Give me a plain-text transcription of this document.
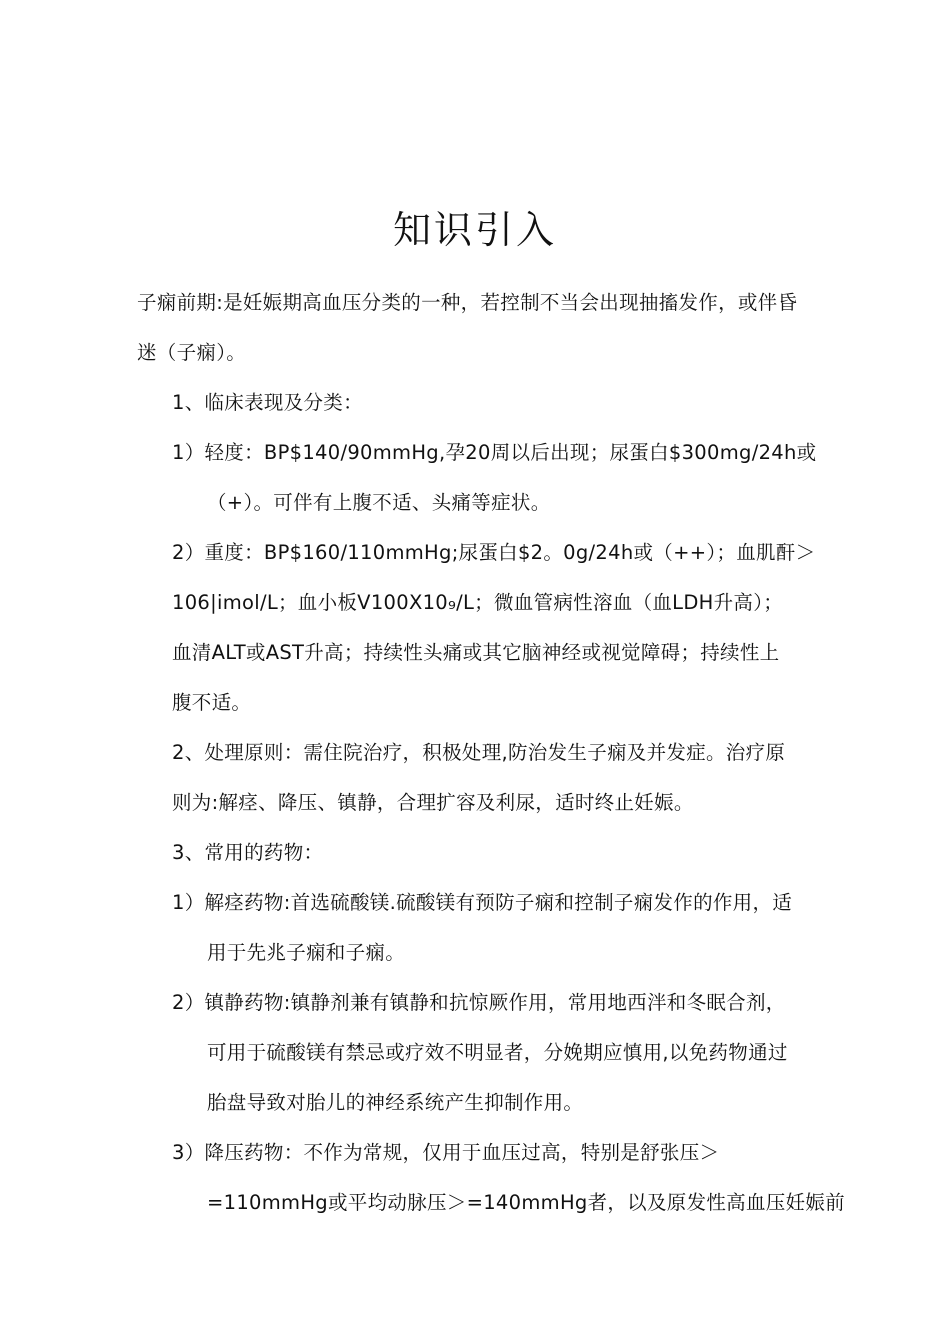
知识引入
子痫前期:是妊娠期高血压分类的一种，若控制不当会出现抽搐发作，或伴昏
迷（子痫）。
1、临床表现及分类：
1）轻度：BP$140/90mmHg,孕20周以后出现；尿蛋白$300mg/24h或
（+）。可伴有上腹不适、头痛等症状。
2）重度：BP$160/110mmHg;尿蛋白$2。0g/24h或（++）；血肌酐＞
106|imol/L；血小板V100X10₉/L；微血管病性溶血（血LDH升高）；
血清ALT或AST升高；持续性头痛或其它脑神经或视觉障碍；持续性上
腹不适。
2、处理原则：需住院治疗，积极处理,防治发生子痫及并发症。治疗原
则为:解痉、降压、镇静，合理扩容及利尿，适时终止妊娠。
3、常用的药物：
1）解痉药物:首选硫酸镁.硫酸镁有预防子痫和控制子痫发作的作用，适
用于先兆子痫和子痫。
2）镇静药物:镇静剂兼有镇静和抗惊厥作用，常用地西泮和冬眠合剂，
可用于硫酸镁有禁忌或疗效不明显者，分娩期应慎用,以免药物通过
胎盘导致对胎儿的神经系统产生抑制作用。
3）降压药物：不作为常规，仅用于血压过高，特别是舒张压＞
=110mmHg或平均动脉压＞=140mmHg者，以及原发性高血压妊娠前
